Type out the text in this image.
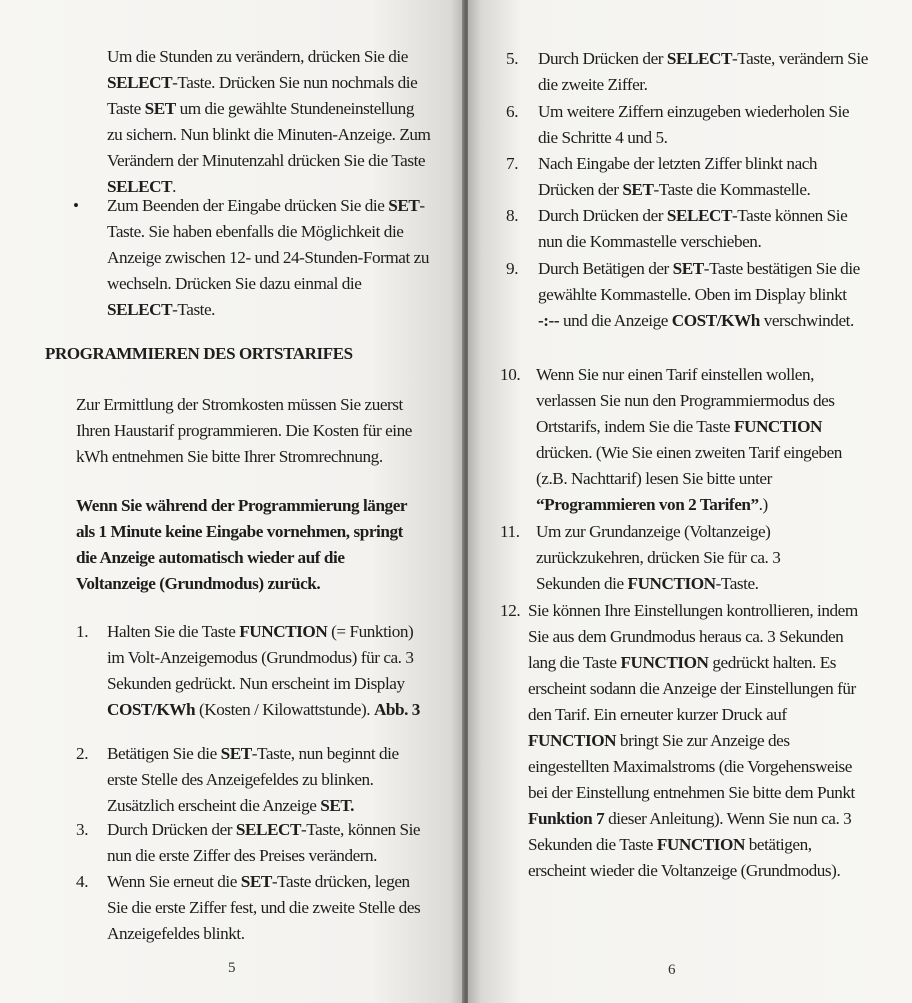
Um die Stunden zu verändern, drücken Sie die SELECT-Taste. Drücken Sie nun nochmals die Taste SET um die gewählte Stundeneinstellung zu sichern. Nun blinkt die Minuten-Anzeige. Zum Verändern der Minutenzahl drücken Sie die Taste SELECT.
• Zum Beenden der Eingabe drücken Sie die SET-Taste. Sie haben ebenfalls die Möglichkeit die Anzeige zwischen 12- und 24-Stunden-Format zu wechseln. Drücken Sie dazu einmal die SELECT-Taste.
PROGRAMMIEREN DES ORTSTARIFES
Zur Ermittlung der Stromkosten müssen Sie zuerst Ihren Haustarif programmieren. Die Kosten für eine kWh entnehmen Sie bitte Ihrer Stromrechnung.
Wenn Sie während der Programmierung länger als 1 Minute keine Eingabe vornehmen, springt die Anzeige automatisch wieder auf die Voltanzeige (Grundmodus) zurück.
1. Halten Sie die Taste FUNCTION (= Funktion) im Volt-Anzeigemodus (Grundmodus) für ca. 3 Sekunden gedrückt. Nun erscheint im Display COST/KWh (Kosten / Kilowattstunde). Abb. 3
2. Betätigen Sie die SET-Taste, nun beginnt die erste Stelle des Anzeigefeldes zu blinken. Zusätzlich erscheint die Anzeige SET.
3. Durch Drücken der SELECT-Taste, können Sie nun die erste Ziffer des Preises verändern.
4. Wenn Sie erneut die SET-Taste drücken, legen Sie die erste Ziffer fest, und die zweite Stelle des Anzeigefeldes blinkt.
5
5. Durch Drücken der SELECT-Taste, verändern Sie die zweite Ziffer.
6. Um weitere Ziffern einzugeben wiederholen Sie die Schritte 4 und 5.
7. Nach Eingabe der letzten Ziffer blinkt nach Drücken der SET-Taste die Kommastelle.
8. Durch Drücken der SELECT-Taste können Sie nun die Kommastelle verschieben.
9. Durch Betätigen der SET-Taste bestätigen Sie die gewählte Kommastelle. Oben im Display blinkt -:-- und die Anzeige COST/KWh verschwindet.
10. Wenn Sie nur einen Tarif einstellen wollen, verlassen Sie nun den Programmiermodus des Ortstarifs, indem Sie die Taste FUNCTION drücken. (Wie Sie einen zweiten Tarif eingeben (z.B. Nachttarif) lesen Sie bitte unter “Programmieren von 2 Tarifen”.)
11. Um zur Grundanzeige (Voltanzeige) zurückzukehren, drücken Sie für ca. 3 Sekunden die FUNCTION-Taste.
12. Sie können Ihre Einstellungen kontrollieren, indem Sie aus dem Grundmodus heraus ca. 3 Sekunden lang die Taste FUNCTION gedrückt halten. Es erscheint sodann die Anzeige der Einstellungen für den Tarif. Ein erneuter kurzer Druck auf FUNCTION bringt Sie zur Anzeige des eingestellten Maximalstroms (die Vorgehensweise bei der Einstellung entnehmen Sie bitte dem Punkt Funktion 7 dieser Anleitung). Wenn Sie nun ca. 3 Sekunden die Taste FUNCTION betätigen, erscheint wieder die Voltanzeige (Grundmodus).
6
